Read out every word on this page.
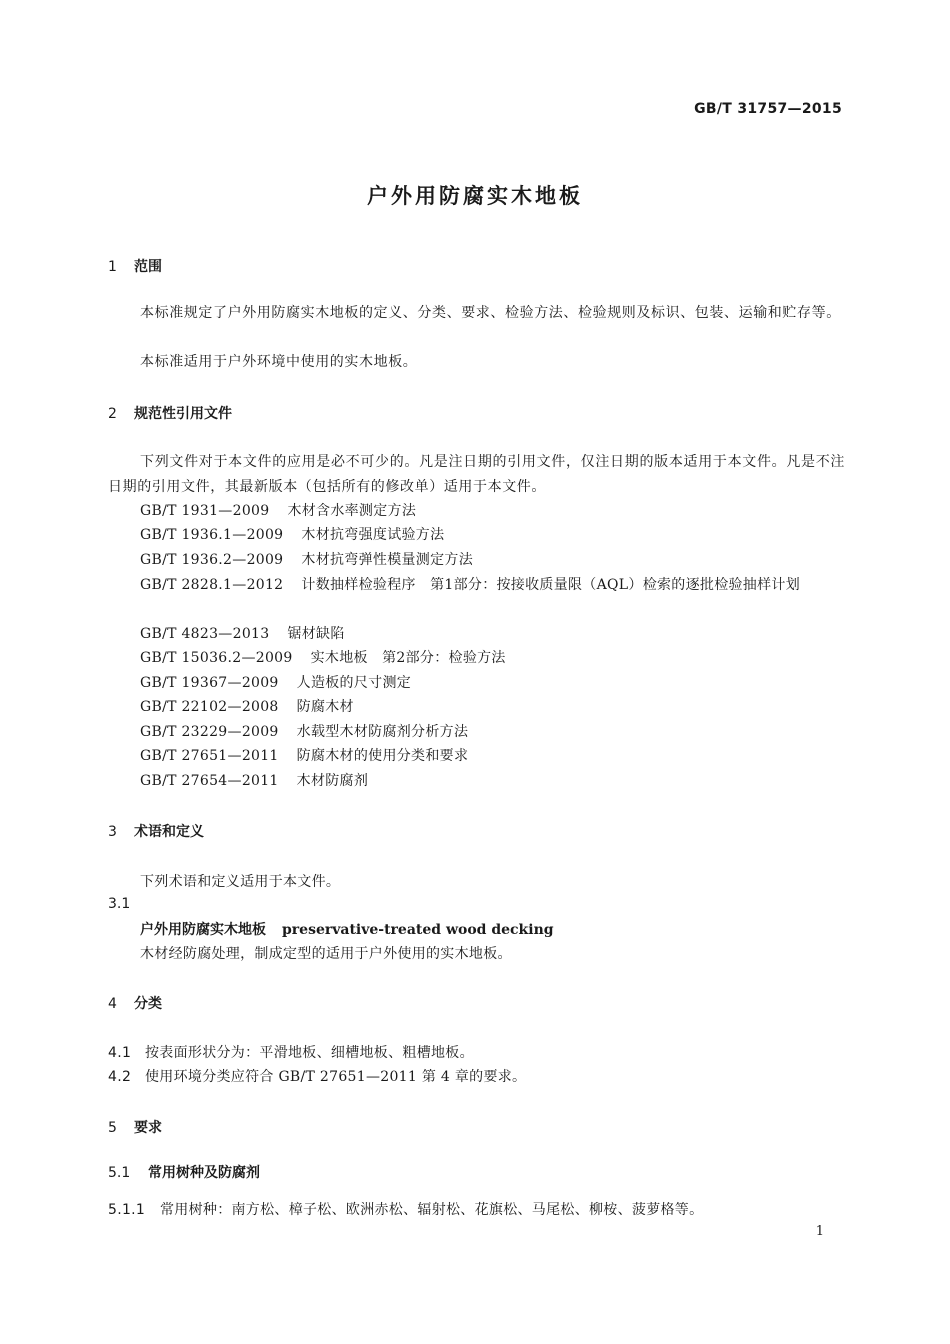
GB/T 31757—2015
户外用防腐实木地板
1 范围
本标准规定了户外用防腐实木地板的定义、分类、要求、检验方法、检验规则及标识、包装、运输和贮存等。
本标准适用于户外环境中使用的实木地板。
2 规范性引用文件
下列文件对于本文件的应用是必不可少的。凡是注日期的引用文件，仅注日期的版本适用于本文件。凡是不注日期的引用文件，其最新版本（包括所有的修改单）适用于本文件。
GB/T 1931—2009 木材含水率测定方法
GB/T 1936.1—2009 木材抗弯强度试验方法
GB/T 1936.2—2009 木材抗弯弹性模量测定方法
GB/T 2828.1—2012 计数抽样检验程序　第1部分：按接收质量限（AQL）检索的逐批检验抽样计划
GB/T 4823—2013 锯材缺陷
GB/T 15036.2—2009 实木地板　第2部分：检验方法
GB/T 19367—2009 人造板的尺寸测定
GB/T 22102—2008 防腐木材
GB/T 23229—2009 水载型木材防腐剂分析方法
GB/T 27651—2011 防腐木材的使用分类和要求
GB/T 27654—2011 木材防腐剂
3 术语和定义
下列术语和定义适用于本文件。
3.1
户外用防腐实木地板 preservative-treated wood decking
木材经防腐处理，制成定型的适用于户外使用的实木地板。
4 分类
4.1 按表面形状分为：平滑地板、细槽地板、粗槽地板。
4.2 使用环境分类应符合 GB/T 27651—2011 第 4 章的要求。
5 要求
5.1 常用树种及防腐剂
5.1.1 常用树种：南方松、樟子松、欧洲赤松、辐射松、花旗松、马尾松、柳桉、菠萝格等。
1
